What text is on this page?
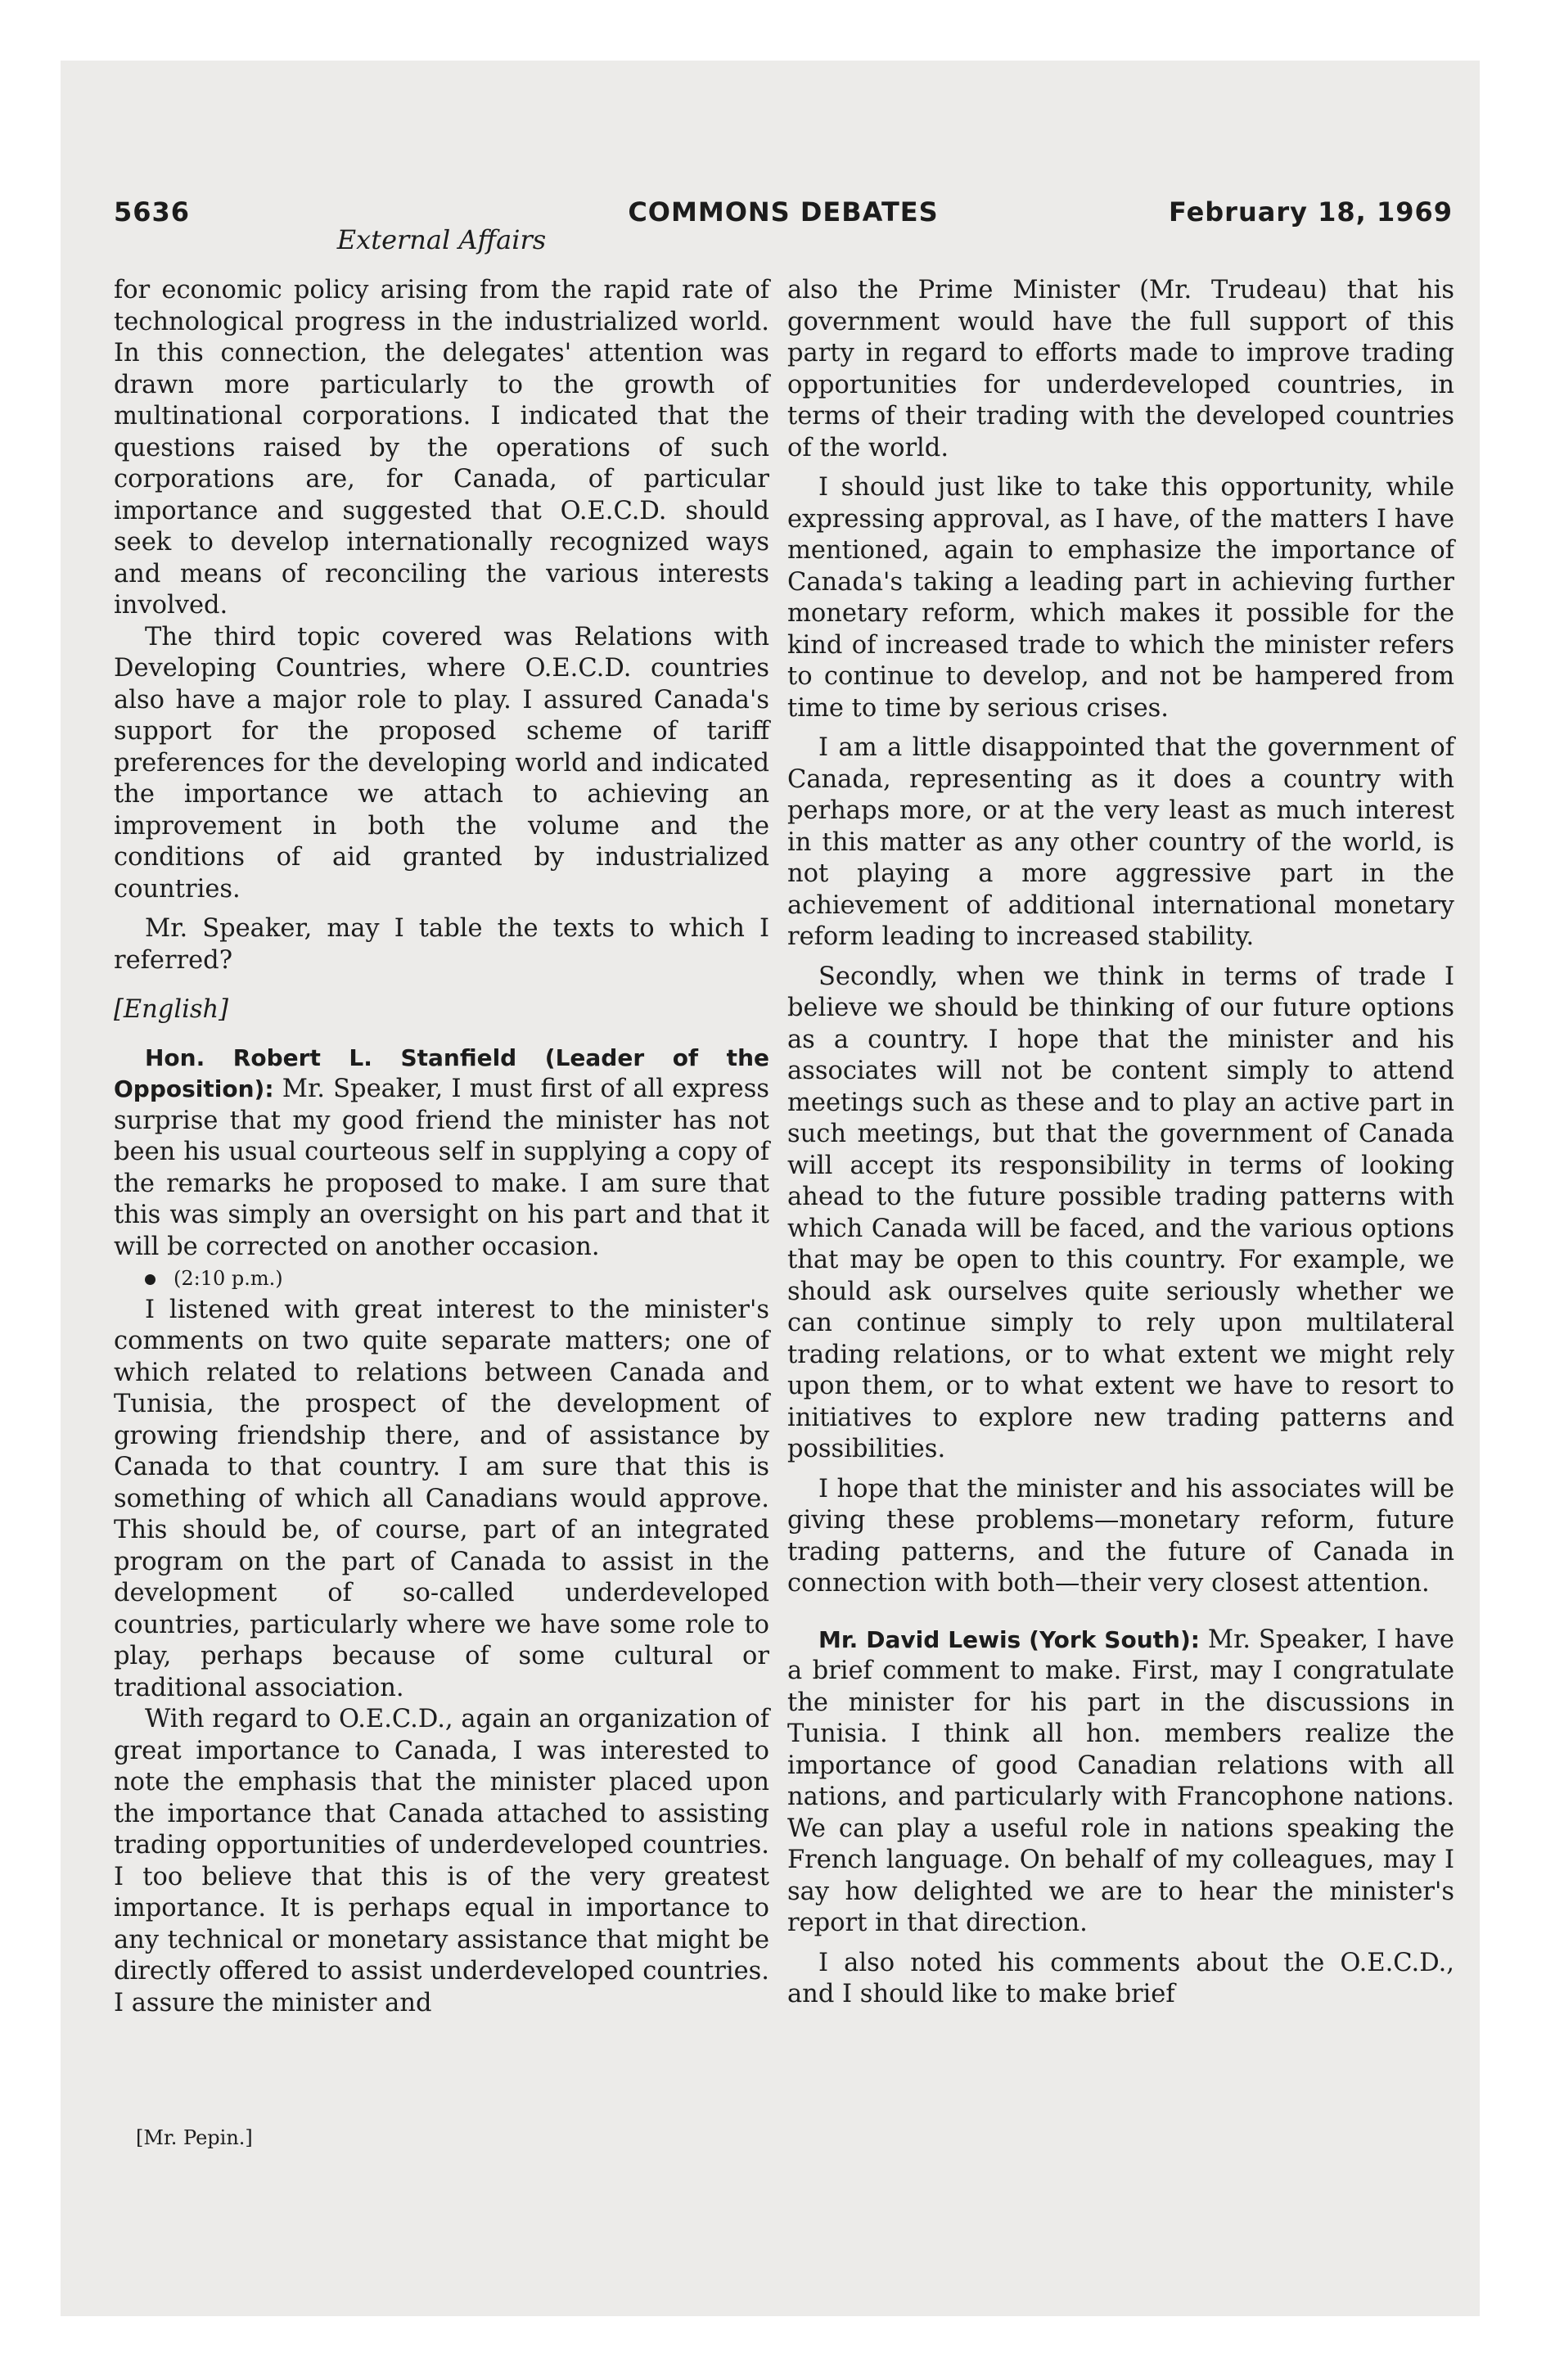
5636	COMMONS DEBATES	February 18, 1969
External Affairs

for economic policy arising from the rapid rate of technological progress in the industrialized world. In this connection, the delegates' attention was drawn more particularly to the growth of multinational corporations. I indicated that the questions raised by the operations of such corporations are, for Canada, of particular importance and suggested that O.E.C.D. should seek to develop internationally recognized ways and means of reconciling the various interests involved.

The third topic covered was Relations with Developing Countries, where O.E.C.D. countries also have a major role to play. I assured Canada's support for the proposed scheme of tariff preferences for the developing world and indicated the importance we attach to achieving an improvement in both the volume and the conditions of aid granted by industrialized countries.

Mr. Speaker, may I table the texts to which I referred?

[English]

Hon. Robert L. Stanfield (Leader of the Opposition): Mr. Speaker, I must first of all express surprise that my good friend the minister has not been his usual courteous self in supplying a copy of the remarks he proposed to make. I am sure that this was simply an oversight on his part and that it will be corrected on another occasion.

(2:10 p.m.)

I listened with great interest to the minister's comments on two quite separate matters; one of which related to relations between Canada and Tunisia, the prospect of the development of growing friendship there, and of assistance by Canada to that country. I am sure that this is something of which all Canadians would approve. This should be, of course, part of an integrated program on the part of Canada to assist in the development of so-called underdeveloped countries, particularly where we have some role to play, perhaps because of some cultural or traditional association.

With regard to O.E.C.D., again an organization of great importance to Canada, I was interested to note the emphasis that the minister placed upon the importance that Canada attached to assisting trading opportunities of underdeveloped countries. I too believe that this is of the very greatest importance. It is perhaps equal in importance to any technical or monetary assistance that might be directly offered to assist underdeveloped countries. I assure the minister and

also the Prime Minister (Mr. Trudeau) that his government would have the full support of this party in regard to efforts made to improve trading opportunities for underdeveloped countries, in terms of their trading with the developed countries of the world.

I should just like to take this opportunity, while expressing approval, as I have, of the matters I have mentioned, again to emphasize the importance of Canada's taking a leading part in achieving further monetary reform, which makes it possible for the kind of increased trade to which the minister refers to continue to develop, and not be hampered from time to time by serious crises.

I am a little disappointed that the government of Canada, representing as it does a country with perhaps more, or at the very least as much interest in this matter as any other country of the world, is not playing a more aggressive part in the achievement of additional international monetary reform leading to increased stability.

Secondly, when we think in terms of trade I believe we should be thinking of our future options as a country. I hope that the minister and his associates will not be content simply to attend meetings such as these and to play an active part in such meetings, but that the government of Canada will accept its responsibility in terms of looking ahead to the future possible trading patterns with which Canada will be faced, and the various options that may be open to this country. For example, we should ask ourselves quite seriously whether we can continue simply to rely upon multilateral trading relations, or to what extent we might rely upon them, or to what extent we have to resort to initiatives to explore new trading patterns and possibilities.

I hope that the minister and his associates will be giving these problems—monetary reform, future trading patterns, and the future of Canada in connection with both—their very closest attention.

Mr. David Lewis (York South): Mr. Speaker, I have a brief comment to make. First, may I congratulate the minister for his part in the discussions in Tunisia. I think all hon. members realize the importance of good Canadian relations with all nations, and particularly with Francophone nations. We can play a useful role in nations speaking the French language. On behalf of my colleagues, may I say how delighted we are to hear the minister's report in that direction.

I also noted his comments about the O.E.C.D., and I should like to make brief

[Mr. Pepin.]
